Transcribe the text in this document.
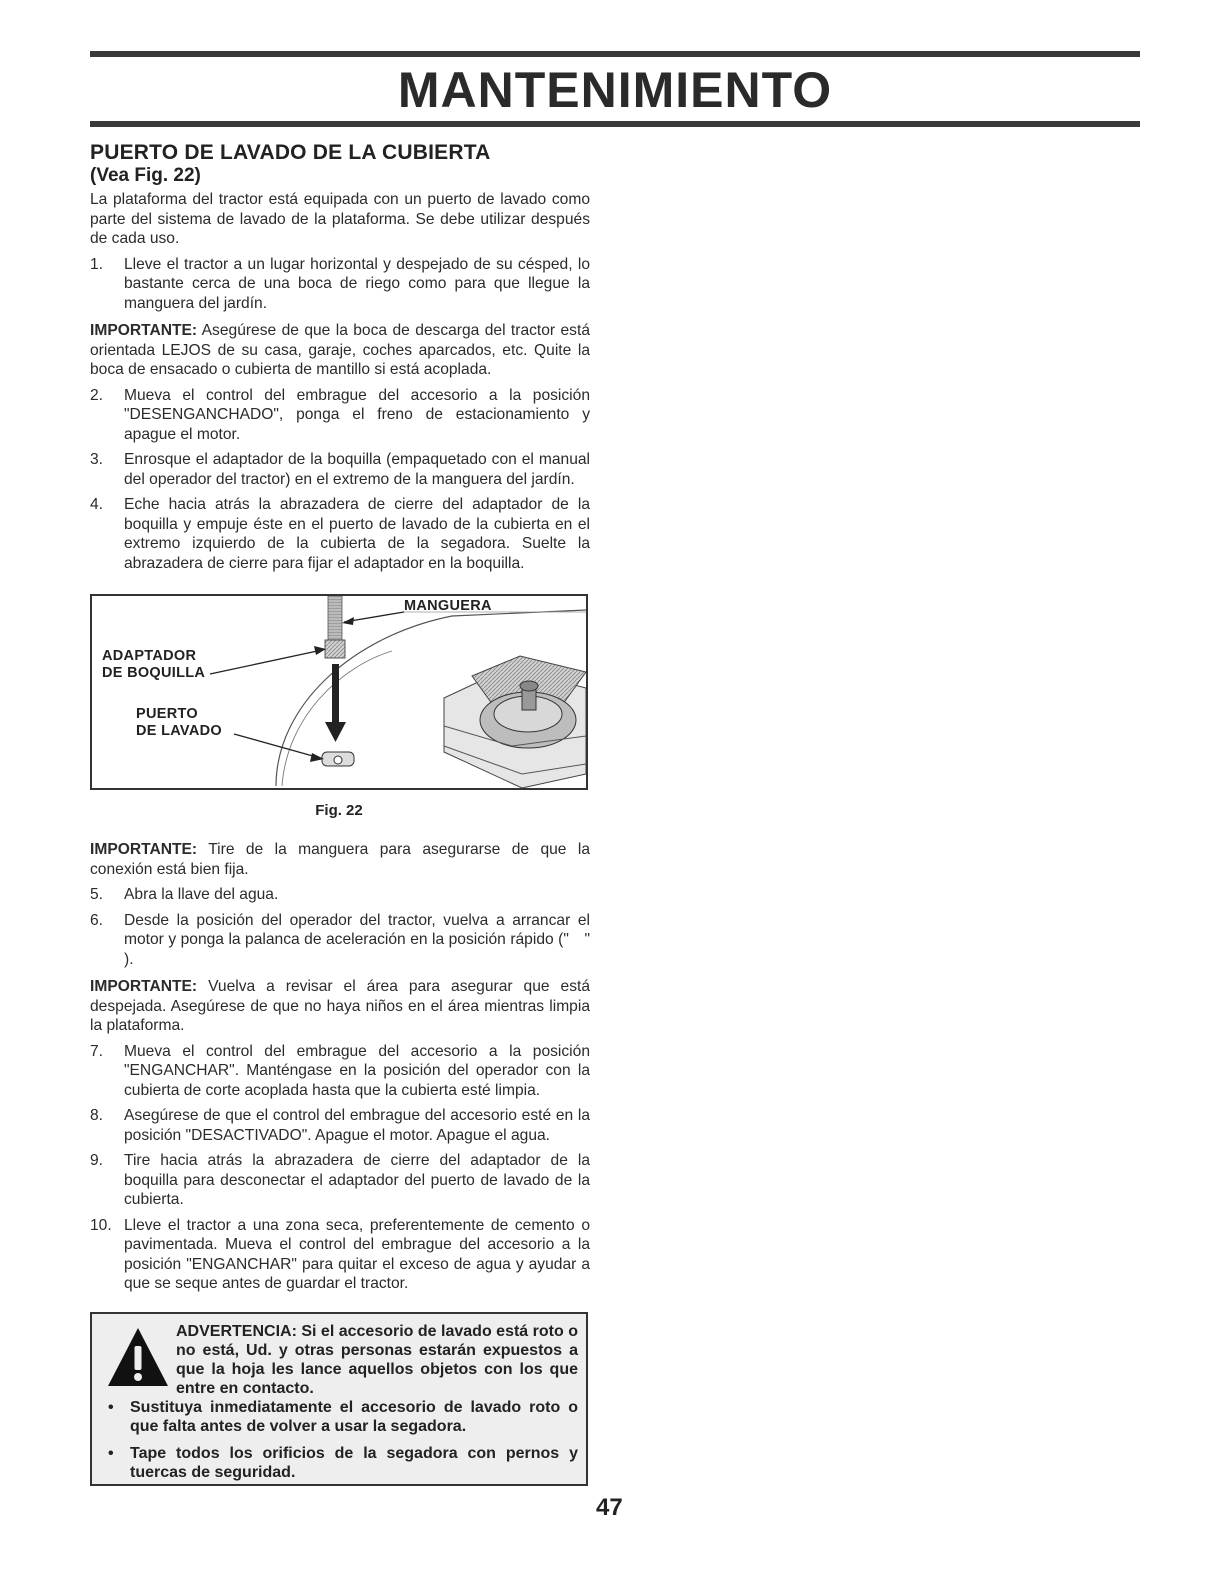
MANTENIMIENTO
PUERTO DE LAVADO DE LA CUBIERTA
(Vea Fig. 22)

La plataforma del tractor está equipada con un puerto de lavado como parte del sistema de lavado de la plataforma. Se debe utilizar después de cada uso.

1.	Lleve el tractor a un lugar horizontal y despejado de su césped, lo bastante cerca de una boca de riego como para que llegue la manguera del jardín.

IMPORTANTE: Asegúrese de que la boca de descarga del tractor está orientada LEJOS de su casa, garaje, coches aparcados, etc. Quite la boca de ensacado o cubierta de mantillo si está acoplada.

2.	Mueva el control del embrague del accesorio a la posición "DESENGANCHADO", ponga el freno de estacionamiento y apague el motor.
3.	Enrosque el adaptador de la boquilla (empaquetado con el manual del operador del tractor) en el extremo de la manguera del jardín.
4.	Eche hacia atrás la abrazadera de cierre del adaptador de la boquilla y empuje éste en el puerto de lavado de la cubierta en el extremo izquierdo de la cubierta de la segadora. Suelte la abrazadera de cierre para fijar el adaptador en la boquilla.
MANGUERA
ADAPTADOR
DE BOQUILLA
PUERTO
DE LAVADO
Fig. 22

IMPORTANTE: Tire de la manguera para asegurarse de que la conexión está bien fija.

5.	Abra la llave del agua.
6.	Desde la posición del operador del tractor, vuelva a arrancar el motor y ponga la palanca de aceleración en la posición rápido (" " ).

IMPORTANTE: Vuelva a revisar el área para asegurar que está despejada. Asegúrese de que no haya niños en el área mientras limpia la plataforma.

7.	Mueva el control del embrague del accesorio a la posición "ENGANCHAR". Manténgase en la posición del operador con la cubierta de corte acoplada hasta que la cubierta esté limpia.
8.	Asegúrese de que el control del embrague del accesorio esté en la posición "DESACTIVADO". Apague el motor. Apague el agua.
9.	Tire hacia atrás la abrazadera de cierre del adaptador de la boquilla para desconectar el adaptador del puerto de lavado de la cubierta.
10. Lleve el tractor a una zona seca, preferentemente de cemento o pavimentada. Mueva el control del embrague del accesorio a la posición "ENGANCHAR" para quitar el exceso de agua y ayudar a que se seque antes de guardar el tractor.
ADVERTENCIA: Si el accesorio de lavado está roto o no está, Ud. y otras personas estarán expuestos a que la hoja les lance aquellos objetos con los que entre en contacto.
• Sustituya inmediatamente el accesorio de lavado roto o que falta antes de volver a usar la segadora.
• Tape todos los orificios de la segadora con pernos y tuercas de seguridad.
47
